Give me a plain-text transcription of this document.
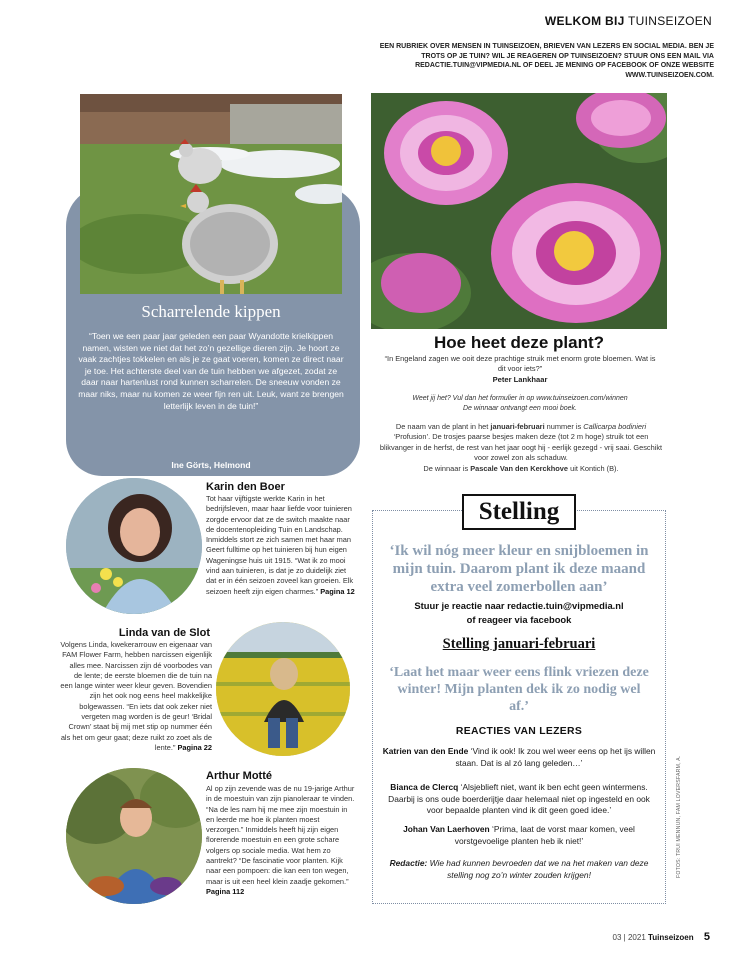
WELKOM BIJ TUINSEIZOEN
EEN RUBRIEK OVER MENSEN IN TUINSEIZOEN, BRIEVEN VAN LEZERS EN SOCIAL MEDIA. BEN JE TROTS OP JE TUIN? WIL JE REAGEREN OP TUINSEIZOEN? STUUR ONS EEN MAIL VIA REDACTIE.TUIN@VIPMEDIA.NL OF DEEL JE MENING OP FACEBOOK OF ONZE WEBSITE WWW.TUINSEIZOEN.COM.
Scharrelende kippen
“Toen we een paar jaar geleden een paar Wyandotte krielkippen namen, wisten we niet dat het zo’n gezellige dieren zijn. Je hoort ze vaak zachtjes tokkelen en als je ze gaat voeren, komen ze direct naar je toe. Het achterste deel van de tuin hebben we afgezet, zodat ze daar naar hartenlust rond kunnen scharrelen. De sneeuw vonden ze maar niks, maar nu komen ze weer fijn ren uit. Leuk, want ze brengen letterlijk leven in de tuin!”
Ine Görts, Helmond
Hoe heet deze plant?
“In Engeland zagen we ooit deze prachtige struik met enorm grote bloemen. Wat is dit voor iets?”
Peter Lankhaar
Weet jij het? Vul dan het formulier in op www.tuinseizoen.com/winnen
De winnaar ontvangt een mooi boek.
De naam van de plant in het januari-februari nummer is Callicarpa bodinieri ‘Profusion’. De trosjes paarse besjes maken deze (tot 2 m hoge) struik tot een blikvanger in de herfst, de rest van het jaar oogt hij - eerlijk gezegd - vrij saai. Geschikt voor zowel zon als schaduw.
De winnaar is Pascale Van den Kerckhove uit Kontich (B).
Karin den Boer
Tot haar vijftigste werkte Karin in het bedrijfsleven, maar haar liefde voor tuinieren zorgde ervoor dat ze de switch maakte naar de docentenopleiding Tuin en Landschap. Inmiddels stort ze zich samen met haar man Geert fulltime op het tuinieren bij hun eigen Wageningse huis uit 1915. “Wat ik zo mooi vind aan tuinieren, is dat je zo duidelijk ziet dat er in één seizoen zoveel kan groeien. Elk seizoen heeft zijn eigen charmes.” Pagina 12
Linda van de Slot
Volgens Linda, kwekerarrouw en eigenaar van FAM Flower Farm, hebben narcissen eigenlijk alles mee. Narcissen zijn dé voorbodes van de lente; de eerste bloemen die de tuin na een lange winter weer kleur geven. Bovendien zijn het ook nog eens heel makkelijke bolgewassen. “En iets dat ook zeker niet vergeten mag worden is de geur! ‘Bridal Crown’ staat bij mij met stip op nummer één als het om geur gaat; deze ruikt zo zoet als de lente.” Pagina 22
Arthur Motté
Al op zijn zevende was de nu 19-jarige Arthur in de moestuin van zijn pianoleraar te vinden. “Na de les nam hij me mee zijn moestuin in en leerde me hoe ik planten moest verzorgen.” Inmiddels heeft hij zijn eigen florerende moestuin en een grote schare volgers op sociale media. Wat hem zo aantrekt? “De fascinatie voor planten. Kijk naar een pompoen: die kan een ton wegen, maar is uit een heel klein zaadje gekomen.” Pagina 112
Stelling
‘Ik wil nóg meer kleur en snijbloemen in mijn tuin. Daarom plant ik deze maand extra veel zomerbollen aan’
Stuur je reactie naar redactie.tuin@vipmedia.nl
of reageer via facebook
Stelling januari-februari
‘Laat het maar weer eens flink vriezen deze winter! Mijn planten dek ik zo nodig wel af.’
REACTIES VAN LEZERS
Katrien van den Ende ‘Vind ik ook! Ik zou wel weer eens op het ijs willen staan. Dat is al zó lang geleden…’
Bianca de Clercq ‘Alsjeblieft niet, want ik ben echt geen wintermens. Daarbij is ons oude boerderijtje daar helemaal niet op ingesteld en ook voor bepaalde planten vind ik dit geen goed idee.’
Johan Van Laerhoven ‘Prima, laat de vorst maar komen, veel vorstgevoelige planten heb ik niet!’
Redactie: Wie had kunnen bevroeden dat we na het maken van deze stelling nog zo’n winter zouden krijgen!	FOTOS: TRUI MENNUN, FAM LOVERSFARM, A.
03 | 2021 Tuinseizoen 5
